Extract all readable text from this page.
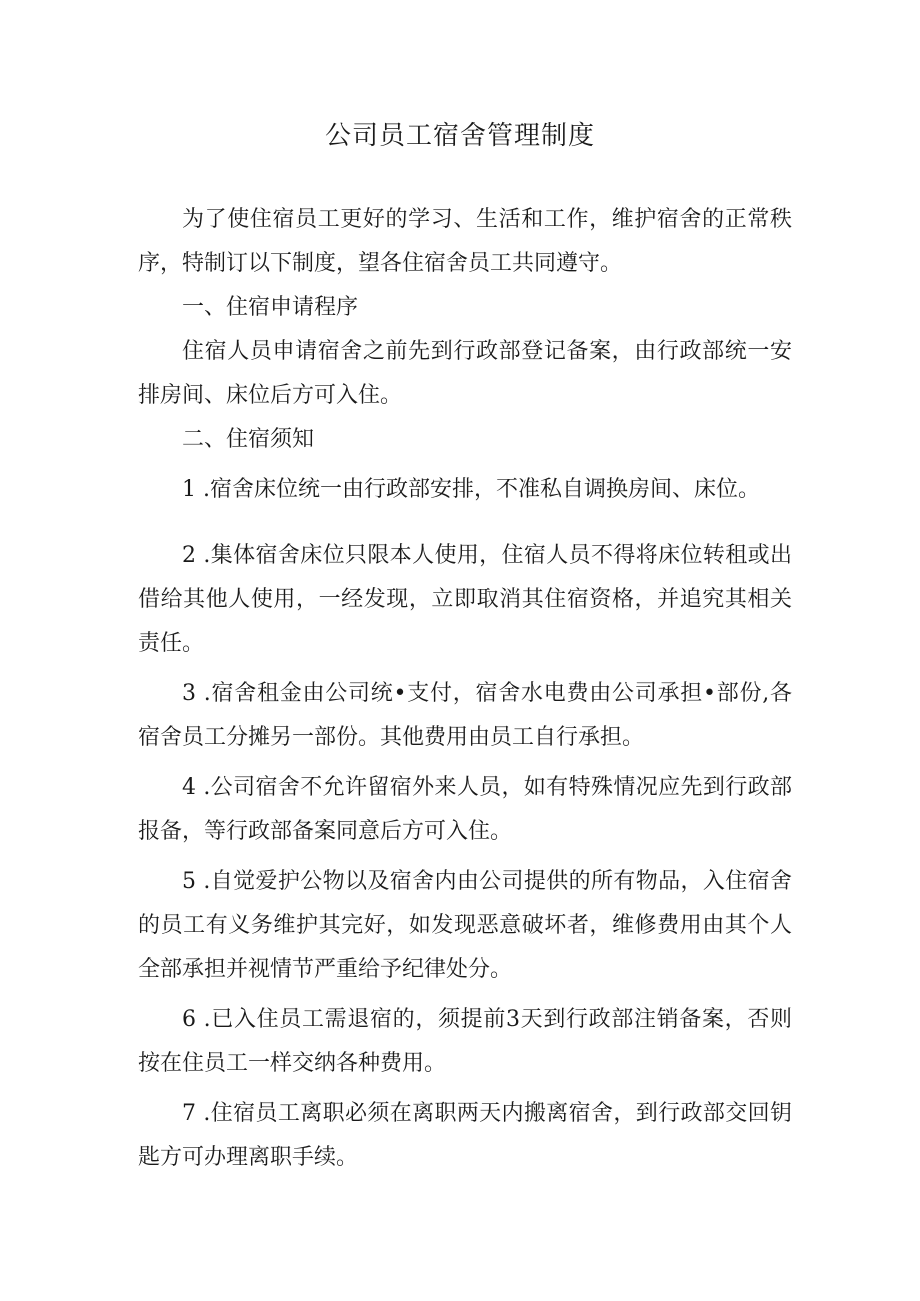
公司员工宿舍管理制度

为了使住宿员工更好的学习、生活和工作，维护宿舍的正常秩序，特制订以下制度，望各住宿舍员工共同遵守。

一、住宿申请程序

住宿人员申请宿舍之前先到行政部登记备案，由行政部统一安排房间、床位后方可入住。

二、住宿须知

1 .宿舍床位统一由行政部安排，不准私自调换房间、床位。

2 .集体宿舍床位只限本人使用，住宿人员不得将床位转租或出借给其他人使用，一经发现，立即取消其住宿资格，并追究其相关责任。

3 .宿舍租金由公司统•支付，宿舍水电费由公司承担•部份,各宿舍员工分摊另一部份。其他费用由员工自行承担。

4 .公司宿舍不允许留宿外来人员，如有特殊情况应先到行政部报备，等行政部备案同意后方可入住。

5 .自觉爱护公物以及宿舍内由公司提供的所有物品，入住宿舍的员工有义务维护其完好，如发现恶意破坏者，维修费用由其个人全部承担并视情节严重给予纪律处分。

6 .已入住员工需退宿的，须提前3天到行政部注销备案，否则按在住员工一样交纳各种费用。

7 .住宿员工离职必须在离职两天内搬离宿舍，到行政部交回钥匙方可办理离职手续。
